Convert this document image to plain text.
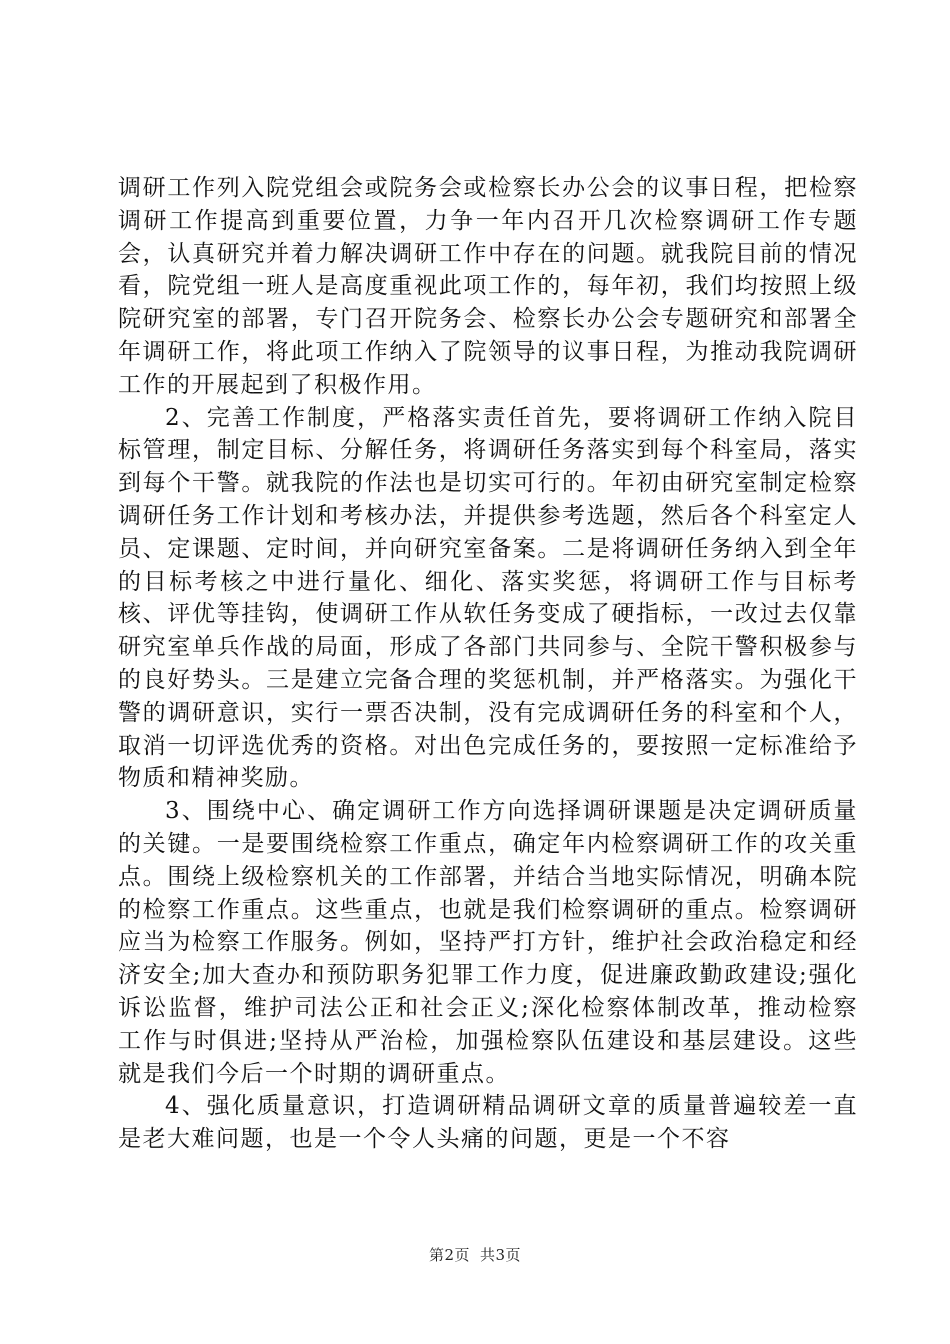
调研工作列入院党组会或院务会或检察长办公会的议事日程，把检察调研工作提高到重要位置，力争一年内召开几次检察调研工作专题会，认真研究并着力解决调研工作中存在的问题。就我院目前的情况看，院党组一班人是高度重视此项工作的，每年初，我们均按照上级院研究室的部署，专门召开院务会、检察长办公会专题研究和部署全年调研工作，将此项工作纳入了院领导的议事日程，为推动我院调研工作的开展起到了积极作用。

2、完善工作制度，严格落实责任首先，要将调研工作纳入院目标管理，制定目标、分解任务，将调研任务落实到每个科室局，落实到每个干警。就我院的作法也是切实可行的。年初由研究室制定检察调研任务工作计划和考核办法，并提供参考选题，然后各个科室定人员、定课题、定时间，并向研究室备案。二是将调研任务纳入到全年的目标考核之中进行量化、细化、落实奖惩，将调研工作与目标考核、评优等挂钩，使调研工作从软任务变成了硬指标，一改过去仅靠研究室单兵作战的局面，形成了各部门共同参与、全院干警积极参与的良好势头。三是建立完备合理的奖惩机制，并严格落实。为强化干警的调研意识，实行一票否决制，没有完成调研任务的科室和个人，取消一切评选优秀的资格。对出色完成任务的，要按照一定标准给予物质和精神奖励。

3、围绕中心、确定调研工作方向选择调研课题是决定调研质量的关键。一是要围绕检察工作重点，确定年内检察调研工作的攻关重点。围绕上级检察机关的工作部署，并结合当地实际情况，明确本院的检察工作重点。这些重点，也就是我们检察调研的重点。检察调研应当为检察工作服务。例如，坚持严打方针，维护社会政治稳定和经济安全;加大查办和预防职务犯罪工作力度，促进廉政勤政建设;强化诉讼监督，维护司法公正和社会正义;深化检察体制改革，推动检察工作与时俱进;坚持从严治检，加强检察队伍建设和基层建设。这些就是我们今后一个时期的调研重点。

4、强化质量意识，打造调研精品调研文章的质量普遍较差一直是老大难问题，也是一个令人头痛的问题，更是一个不容

第2页 共3页
